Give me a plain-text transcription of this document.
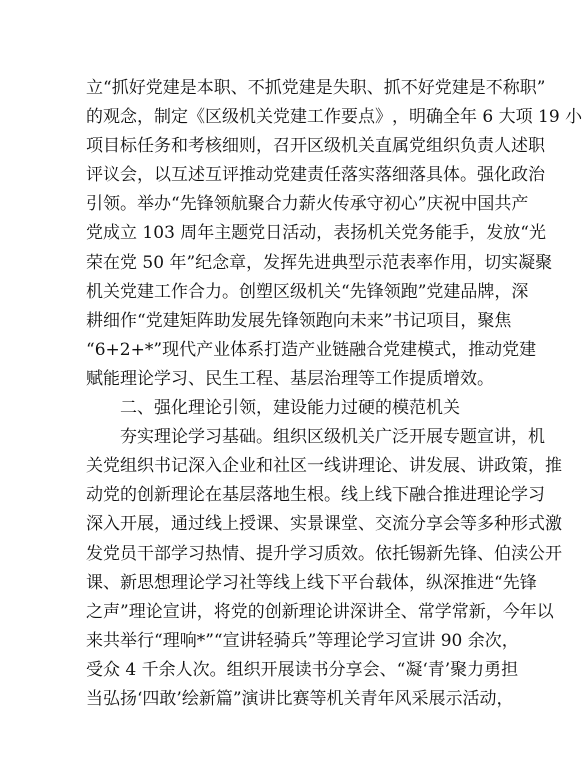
立 “ 抓 好 党 建 是 本 职 、 不 抓 党 建 是 失 职 、 抓 不 好 党 建 是 不 称 职 ”
的 观 念 ， 制 定 《 区 级 机 关 党 建 工 作 要 点 》 ， 明 确 全 年
6
大 项
1 9
小
项 目 标 任 务 和 考 核 细 则 ， 召 开 区 级 机 关 直 属 党 组 织 负 责 人 述 职
评 议 会 ， 以 互 述 互 评 推 动 党 建 责 任 落 实 落 细 落 具 体 。 强 化 政 治
引 领 。 举 办 “ 先 锋 领 航 聚 合 力 薪 火 传 承 守 初 心 ” 庆 祝 中 国 共 产
党 成 立
1 0 3
周 年 主 题 党 日 活 动 ， 表 扬 机 关 党 务 能 手 ， 发 放 “ 光
荣 在 党
5 0
年 ” 纪 念 章 ， 发 挥 先 进 典 型 示 范 表 率 作 用 ， 切 实 凝 聚
机 关 党 建 工 作 合 力 。 创 塑 区 级 机 关 “ 先 锋 领 跑 ” 党 建 品 牌 ， 深
耕 细 作 “ 党 建 矩 阵 助 发 展 先 锋 领 跑 向 未 来 ” 书 记 项 目 ， 聚 焦
“ 6 + 2 + * ” 现 代 产 业 体 系 打 造 产 业 链 融 合 党 建 模 式 ， 推 动 党 建
赋能理论学习、民生工程、基层治理等工作提质增效。
二、强化理论引领，建设能力过硬的模范机关
夯 实 理 论 学 习 基 础 。 组 织 区 级 机 关 广 泛 开 展 专 题 宣 讲 ， 机
关 党 组 织 书 记 深 入 企 业 和 社 区 一 线 讲 理 论 、 讲 发 展 、 讲 政 策 ， 推
动 党 的 创 新 理 论 在 基 层 落 地 生 根 。 线 上 线 下 融 合 推 进 理 论 学 习
深 入 开 展 ， 通 过 线 上 授 课 、 实 景 课 堂 、 交 流 分 享 会 等 多 种 形 式 激
发 党 员 干 部 学 习 热 情 、 提 升 学 习 质 效 。 依 托 锡 新 先 锋 、 伯 渎 公 开
课 、 新 思 想 理 论 学 习 社 等 线 上 线 下 平 台 载 体 ， 纵 深 推 进 “ 先 锋
之 声 ” 理 论 宣 讲 ， 将 党 的 创 新 理 论 讲 深 讲 全 、 常 学 常 新 ， 今 年 以
来 共 举 行 “ 理 响 * ” “ 宣 讲 轻 骑 兵 ” 等 理 论 学 习 宣 讲
9 0
余 次 ，
受 众
4
千 余 人 次 。 组 织 开 展 读 书 分 享 会 、 “ 凝 ‘ 青 ’ 聚 力 勇 担
当 弘 扬 ‘ 四 敢 ’ 绘 新 篇 ” 演 讲 比 赛 等 机 关 青 年 风 采 展 示 活 动 ，
